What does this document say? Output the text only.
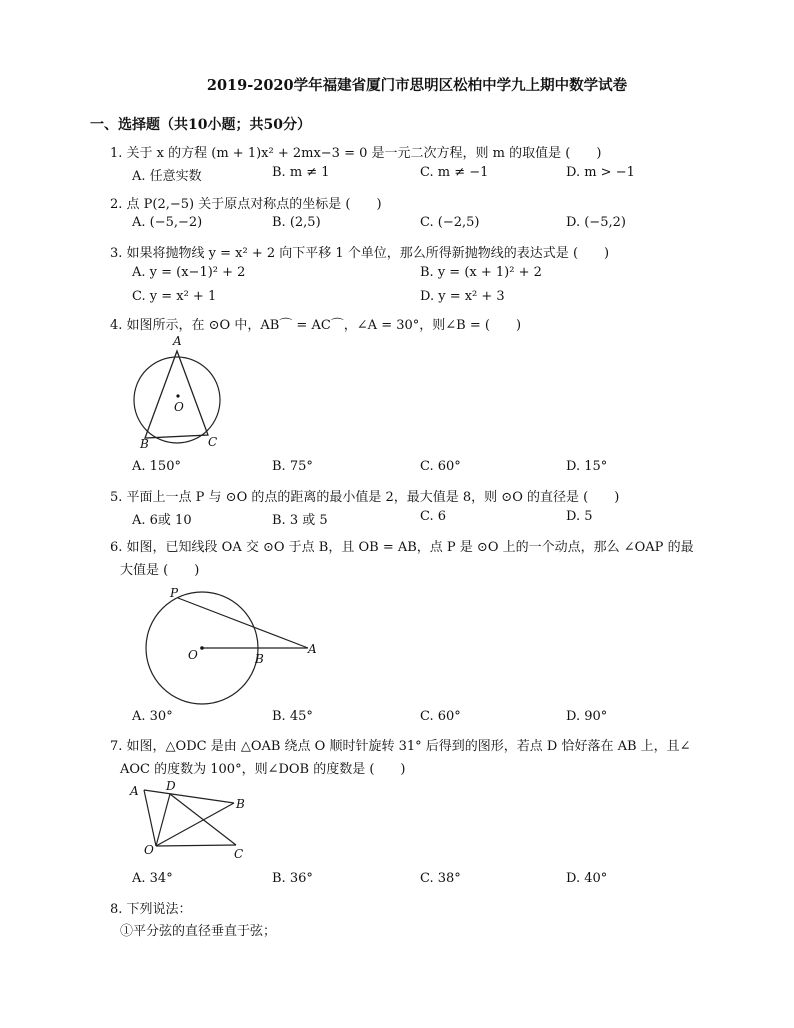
2019-2020学年福建省厦门市思明区松柏中学九上期中数学试卷
一、选择题（共10小题；共50分）
1. 关于 x 的方程 (m + 1)x² + 2mx−3 = 0 是一元二次方程，则 m 的取值是 (　　)
A. 任意实数	B. m ≠ 1	C. m ≠ −1	D. m > −1
2. 点 P(2,−5) 关于原点对称点的坐标是 (　　)
A. (−5,−2)	B. (2,5)	C. (−2,5)	D. (−5,2)
3. 如果将抛物线 y = x² + 2 向下平移 1 个单位，那么所得新抛物线的表达式是 (　　)
A. y = (x−1)² + 2	B. y = (x + 1)² + 2
C. y = x² + 1	D. y = x² + 3
4. 如图所示，在 ⊙O 中，AB⌒ = AC⌒，∠A = 30°，则∠B = (　　)
A
O
B	C
A. 150°	B. 75°	C. 60°	D. 15°
5. 平面上一点 P 与 ⊙O 的点的距离的最小值是 2，最大值是 8，则 ⊙O 的直径是 (　　)
A. 6或 10	B. 3 或 5	C. 6	D. 5
6. 如图，已知线段 OA 交 ⊙O 于点 B，且 OB = AB，点 P 是 ⊙O 上的一个动点，那么 ∠OAP 的最
大值是 (　　)
P
O	B
A
A. 30°	B. 45°	C. 60°	D. 90°
7. 如图，△ODC 是由 △OAB 绕点 O 顺时针旋转 31° 后得到的图形，若点 D 恰好落在 AB 上，且∠
AOC 的度数为 100°，则∠DOB 的度数是 (　　)
A D
B
O	C
A. 34°	B. 36°	C. 38°	D. 40°
8. 下列说法：
①平分弦的直径垂直于弦；
